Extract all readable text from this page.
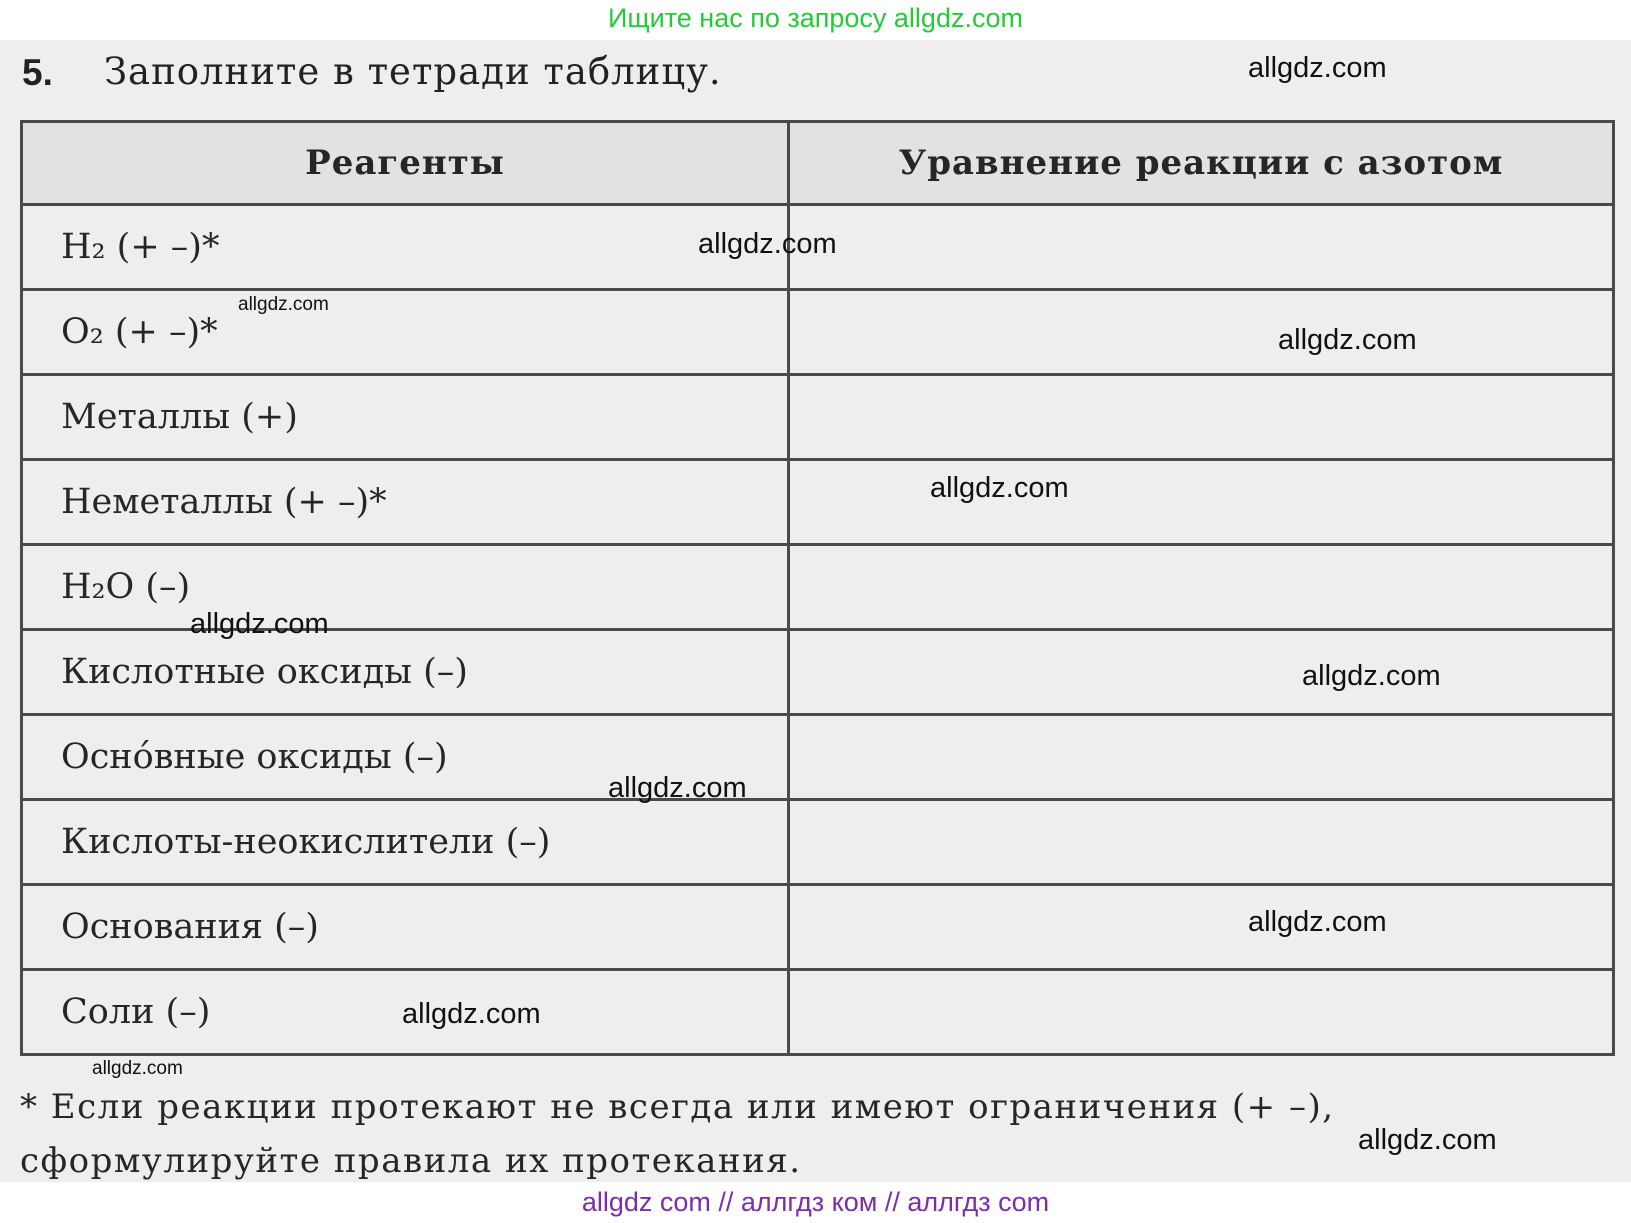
Ищите нас по запросу allgdz.com
5. Заполните в тетради таблицу.
Реагенты	Уравнение реакции с азотом
H₂ (+ –)*	
O₂ (+ –)*	
Металлы (+)	
Неметаллы (+ –)*	
H₂O (–)	
Кислотные оксиды (–)	
Осно́вные оксиды (–)	
Кислоты-неокислители (–)	
Основания (–)	
Соли (–)	
* Если реакции протекают не всегда или имеют ограничения (+ –), сформулируйте правила их протекания.
allgdz.com
allgdz.com
allgdz.com
allgdz.com
allgdz.com
allgdz.com
allgdz.com
allgdz.com
allgdz.com
allgdz.com
allgdz.com
allgdz.com
allgdz com // аллгдз ком // аллгдз com
